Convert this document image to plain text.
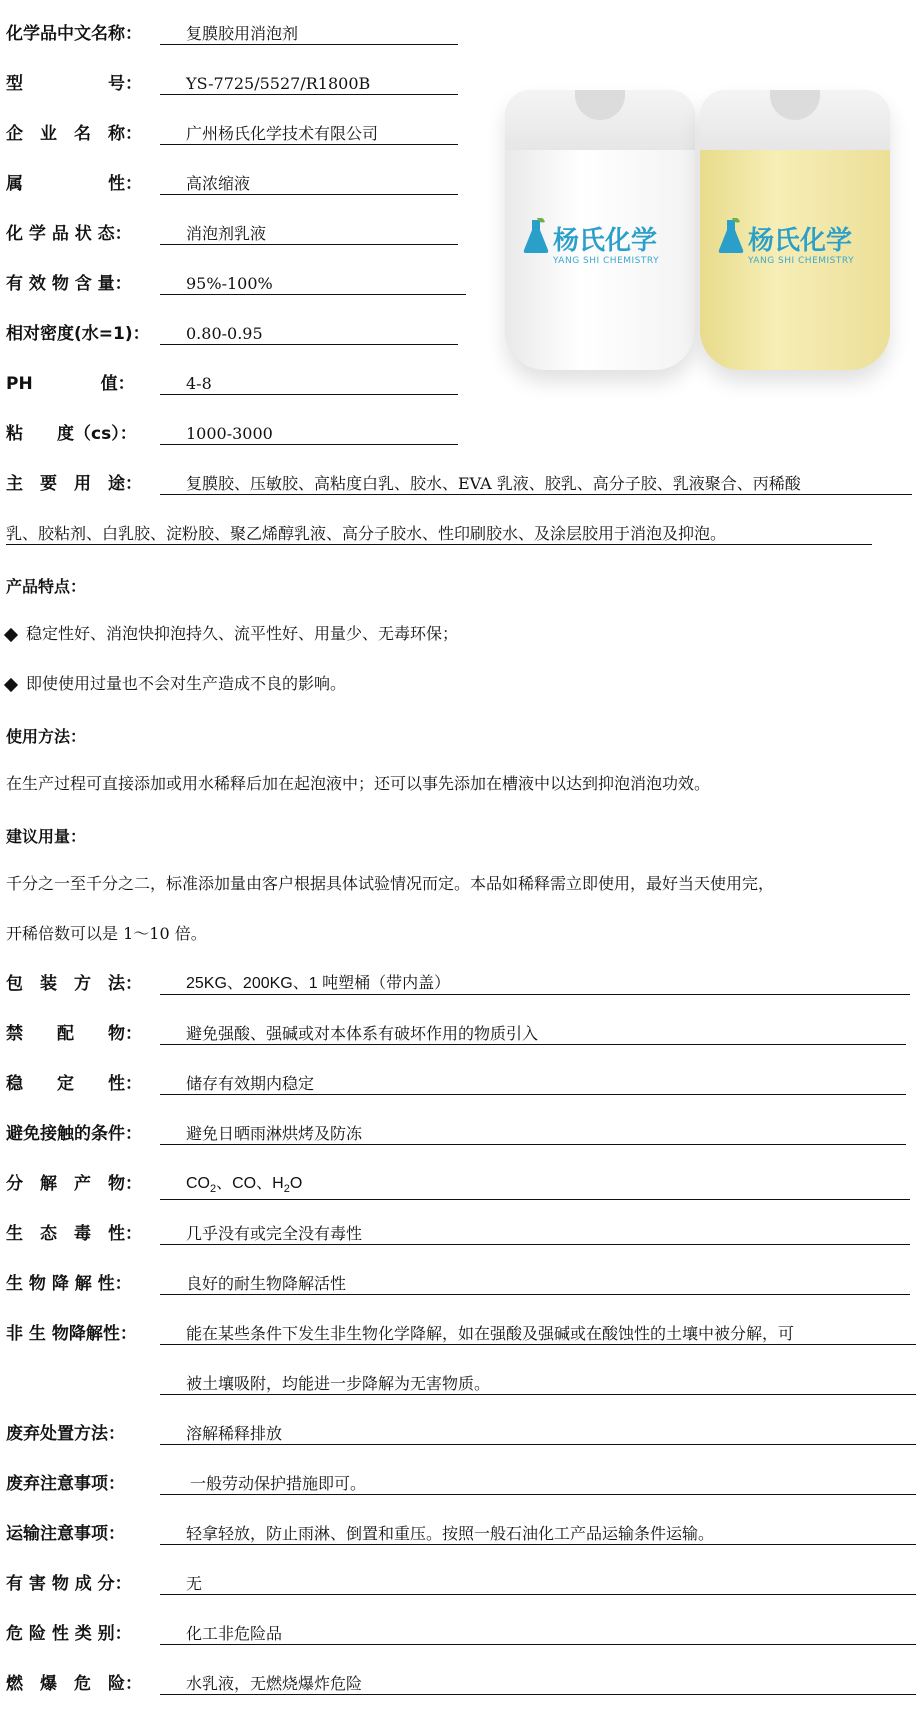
化学品中文名称：	复膜胶用消泡剂
型　　　　　号：	YS-7725/5527/R1800B
企　业　名　称：	广州杨氏化学技术有限公司
属　　　　　性：	高浓缩液
化 学 品 状 态：	消泡剂乳液
有 效 物 含 量：	95%-100%
相对密度(水=1)：	0.80-0.95
PH　　　　值：	4-8
粘　　度（cs）：	1000-3000
杨氏化学
YANG SHI CHEMISTRY
杨氏化学
YANG SHI CHEMISTRY
主　要　用　途：	复膜胶、压敏胶、高粘度白乳、胶水、EVA 乳液、胶乳、高分子胶、乳液聚合、丙稀酸
乳、胶粘剂、白乳胶、淀粉胶、聚乙烯醇乳液、高分子胶水、性印刷胶水、及涂层胶用于消泡及抑泡。
产品特点：
稳定性好、消泡快抑泡持久、流平性好、用量少、无毒环保；
即使使用过量也不会对生产造成不良的影响。
使用方法：
在生产过程可直接添加或用水稀释后加在起泡液中；还可以事先添加在槽液中以达到抑泡消泡功效。
建议用量：
千分之一至千分之二，标准添加量由客户根据具体试验情况而定。本品如稀释需立即使用，最好当天使用完，
开稀倍数可以是 1～10 倍。
包　装　方　法：	25KG、200KG、1 吨塑桶（带内盖）
禁　　配　　物：	避免强酸、强碱或对本体系有破坏作用的物质引入
稳　　定　　性：	储存有效期内稳定
避免接触的条件：	避免日晒雨淋烘烤及防冻
分　解　产　物：	$CO_2$、CO、$H_2O$
生　态　毒　性：	几乎没有或完全没有毒性
生 物 降 解 性：	良好的耐生物降解活性
非 生 物降解性：	能在某些条件下发生非生物化学降解，如在强酸及强碱或在酸蚀性的土壤中被分解，可
被土壤吸附，均能进一步降解为无害物质。
废弃处置方法：	溶解稀释排放
废弃注意事项：	一般劳动保护措施即可。
运输注意事项：	轻拿轻放，防止雨淋、倒置和重压。按照一般石油化工产品运输条件运输。
有 害 物 成 分：	无
危 险 性 类 别：	化工非危险品
燃　爆　危　险：	水乳液，无燃烧爆炸危险
